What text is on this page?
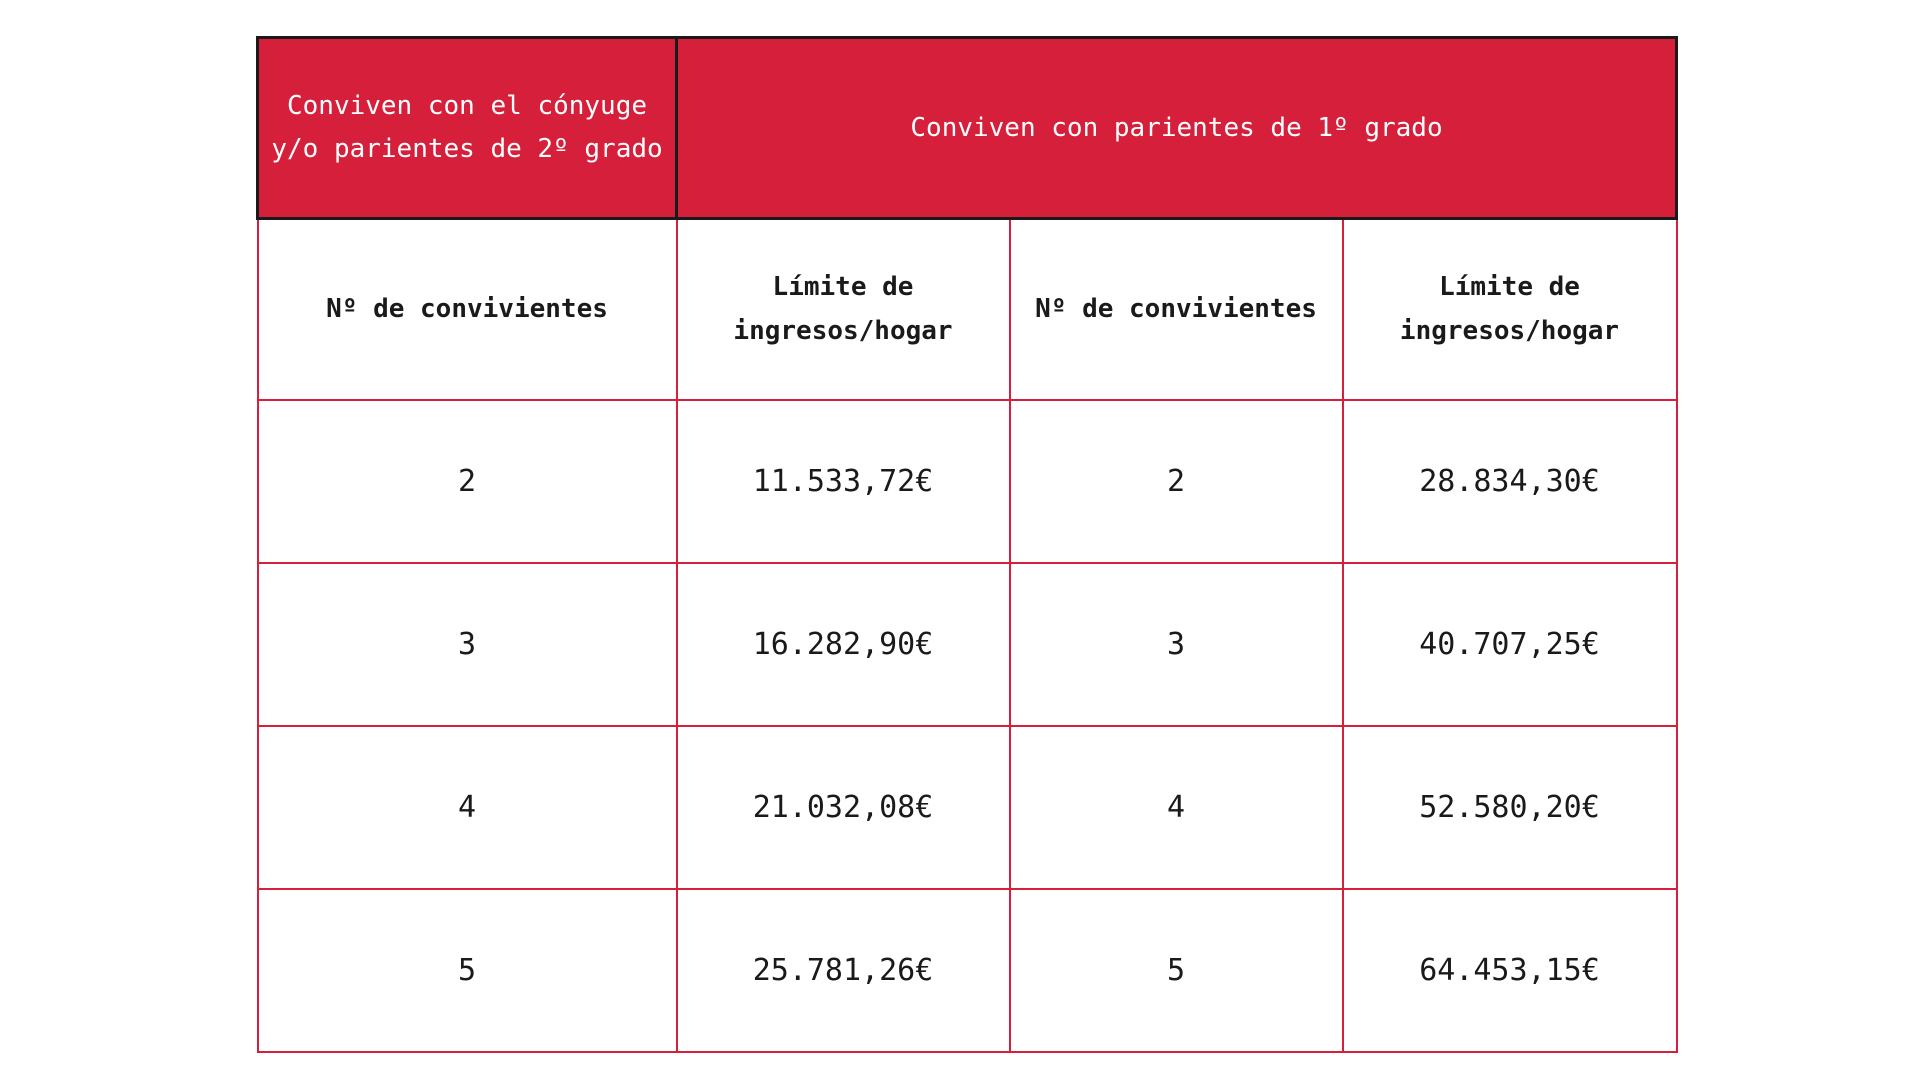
Conviven con el cónyuge y/o parientes de 2º grado	Conviven con parientes de 1º grado		
Nº de convivientes	Límite de ingresos/hogar	Nº de convivientes	Límite de ingresos/hogar
2	11.533,72€	2	28.834,30€
3	16.282,90€	3	40.707,25€
4	21.032,08€	4	52.580,20€
5	25.781,26€	5	64.453,15€
